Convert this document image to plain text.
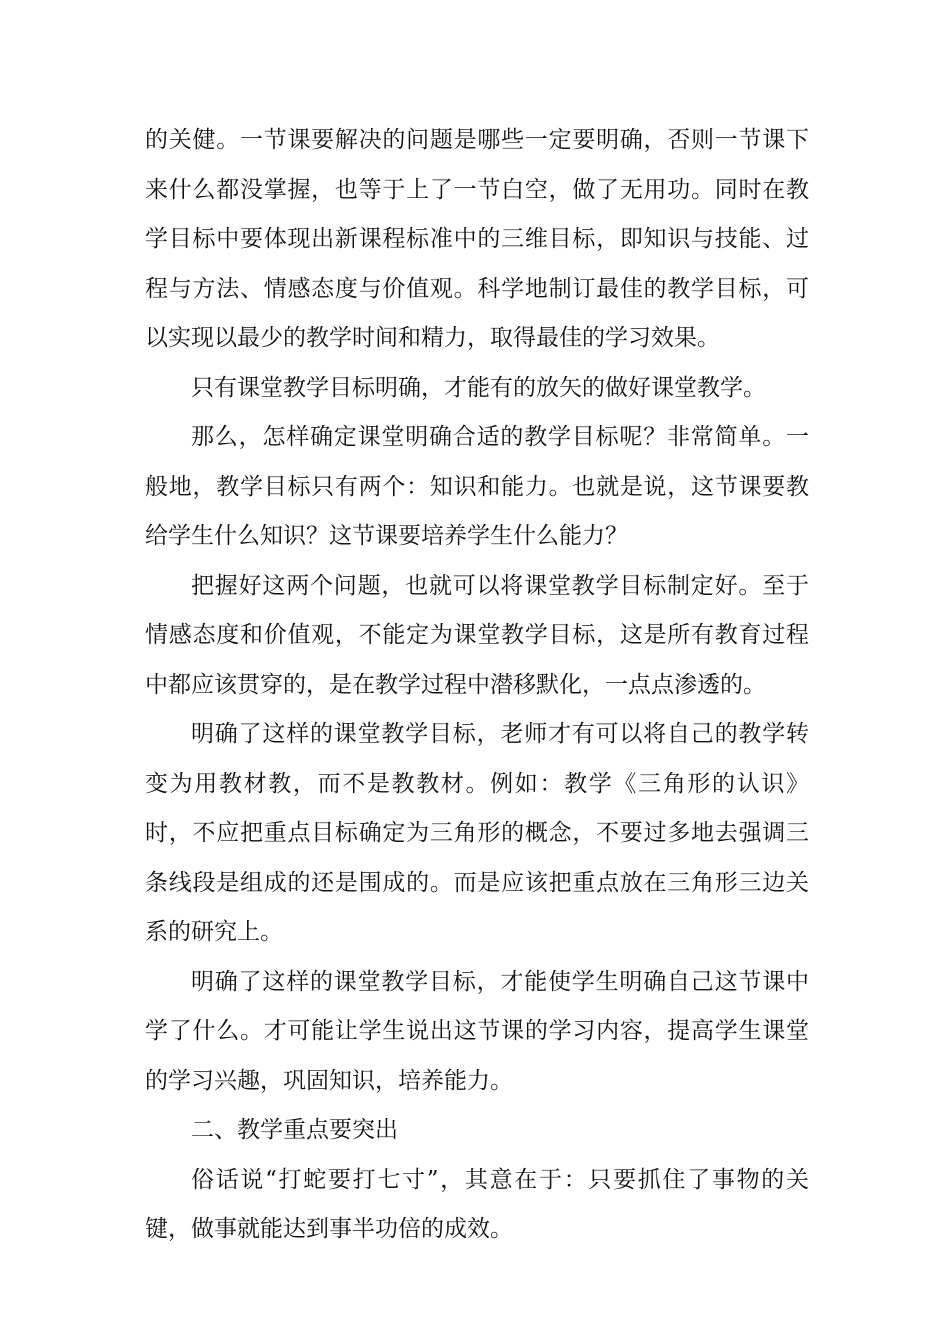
的关健。一节课要解决的问题是哪些一定要明确，否则一节课下来什么都没掌握，也等于上了一节白空，做了无用功。同时在教学目标中要体现出新课程标准中的三维目标，即知识与技能、过程与方法、情感态度与价值观。科学地制订最佳的教学目标，可以实现以最少的教学时间和精力，取得最佳的学习效果。

只有课堂教学目标明确，才能有的放矢的做好课堂教学。

那么，怎样确定课堂明确合适的教学目标呢？非常简单。一般地，教学目标只有两个：知识和能力。也就是说，这节课要教给学生什么知识？这节课要培养学生什么能力？

把握好这两个问题，也就可以将课堂教学目标制定好。至于情感态度和价值观，不能定为课堂教学目标，这是所有教育过程中都应该贯穿的，是在教学过程中潜移默化，一点点渗透的。

明确了这样的课堂教学目标，老师才有可以将自己的教学转变为用教材教，而不是教教材。例如：教学《三角形的认识》时，不应把重点目标确定为三角形的概念，不要过多地去强调三条线段是组成的还是围成的。而是应该把重点放在三角形三边关系的研究上。

明确了这样的课堂教学目标，才能使学生明确自己这节课中学了什么。才可能让学生说出这节课的学习内容，提高学生课堂的学习兴趣，巩固知识，培养能力。

二、教学重点要突出

俗话说“打蛇要打七寸”，其意在于：只要抓住了事物的关键，做事就能达到事半功倍的成效。
